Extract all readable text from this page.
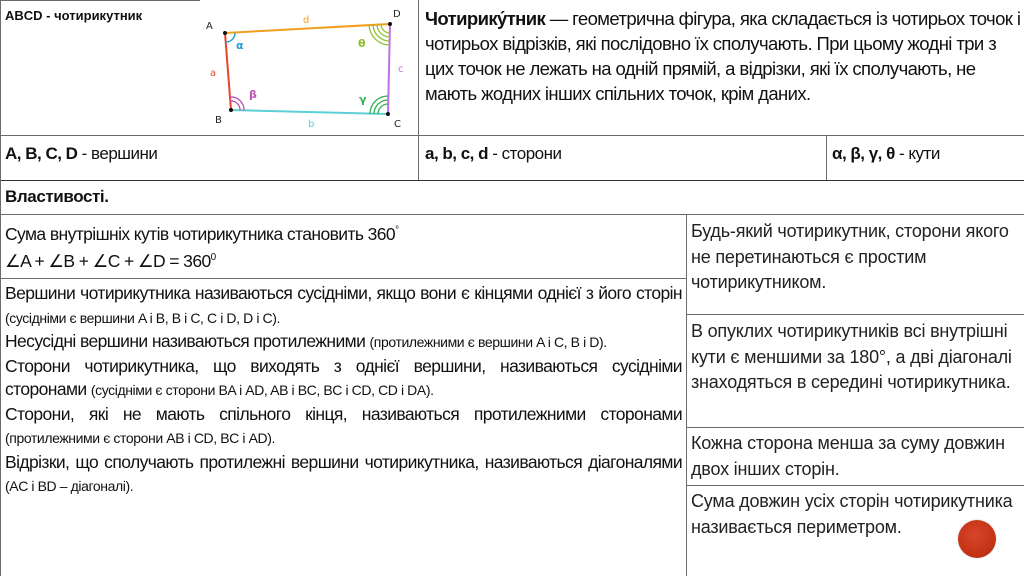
ABCD - чотирикутник
A
B	C
D
d
a
b
c
α
β	γ
θ
Чотирику́тник — геометрична фігура, яка складається із чотирьох точок і чотирьох відрізків, які послідовно їх сполучають. При цьому жодні три з цих точок не лежать на одній прямій, а відрізки, які їх сполучають, не мають жодних інших спільних точок, крім даних.
A, B, C, D - вершини	a, b, c, d - сторони	α, β, γ, θ - кути
Властивості.
Сума внутрішніх кутів чотирикутника становить 360°
∠A + ∠B + ∠C + ∠D = $360^0$
Вершини чотирикутника називаються сусідніми, якщо вони є кінцями однієї з його сторін (сусідніми є вершини A і B, B і C, C і D, D і C).
Несусідні вершини називаються протилежними (протилежними є вершини A і C, B і D).
Сторони чотирикутника, що виходять з однієї вершини, називаються сусідніми сторонами (сусідніми є сторони BA і AD, AB і BC, BC і CD, CD і DA).
Сторони, які не мають спільного кінця, називаються протилежними сторонами (протилежними є сторони AB і CD, BC і AD).
Відрізки, що сполучають протилежні вершини чотирикутника, називаються діагоналями (AC і BD – діагоналі).
Будь-який чотирикутник, сторони якого не перетинаються є простим чотирикутником.
В опуклих чотирикутників всі внутрішні кути є меншими за 180°, а дві діагоналі знаходяться в середині чотирикутника.
Кожна сторона менша за суму довжин двох інших сторін.
Сума довжин усіх сторін чотирикутника називається периметром.
